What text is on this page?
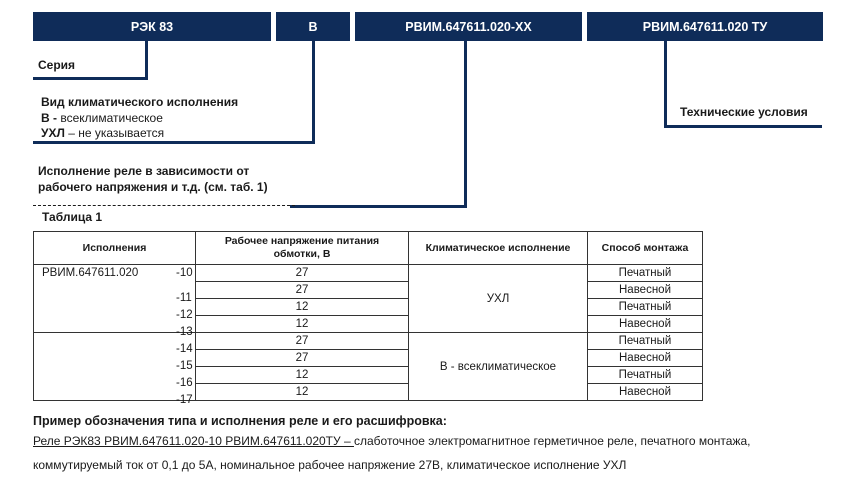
РЭК 83	В	РВИМ.647611.020-XX	РВИМ.647611.020 ТУ
Серия
Вид климатического исполнения
В - всеклиматическое
УХЛ – не указывается
Исполнение реле в зависимости от
рабочего напряжения и т.д. (см. таб. 1)
Технические условия
Таблица 1
Исполнения	Рабочее напряжение питания обмотки, В	Климатическое исполнение	Способ монтажа
РВИМ.647611.020 -10	27	УХЛ	Печатный

-11	27		Навесной

-12	12		Печатный

-13	12		Навесной

-14	27	В - всеклиматическое	Печатный

-15	27		Навесной

-16	12		Печатный

-17	12		Навесной
Пример обозначения типа и исполнения реле и его расшифровка:
Реле РЭК83 РВИМ.647611.020-10 РВИМ.647611.020ТУ – слаботочное электромагнитное герметичное реле, печатного монтажа,
коммутируемый ток от 0,1 до 5А, номинальное рабочее напряжение 27В, климатическое исполнение УХЛ
